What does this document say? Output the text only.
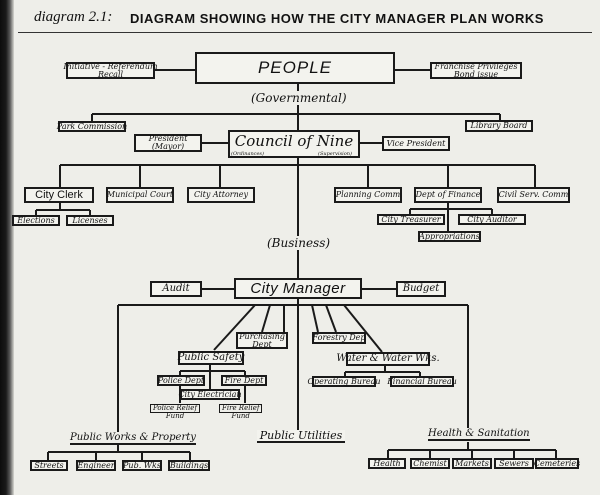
diagram 2.1: DIAGRAM SHOWING HOW THE CITY MANAGER PLAN WORKS
PEOPLE
Initiative - Referendum
Recall
Franchise Privileges
Bond issue
(Governmental)
Park Commission	Library Board
President
(Mayor)	Council of Nine
(Ordinances)	(Supervision)
Vice President
City Clerk	Municipal Court	City Attorney	Planning Comm Dept of Finance Civil Serv. Comm
Elections	Licenses	City Treasurer	City Auditor
Appropriations
(Business)
Audit	City Manager	Budget
Purchasing
Dept
Forestry Dep
Public Safety	Water & Water Wks.
Police Dept	Fire Dept
City Electrician
Operating Bureau Financial Bureau
Police Relief
Fund
Fire Relief
Fund
Public Works & Property	Public Utilities	Health & Sanitation
Streets	Engineer Pub. Wks Buildings	Health	Chemist	Markets	Sewers Cemeteries
